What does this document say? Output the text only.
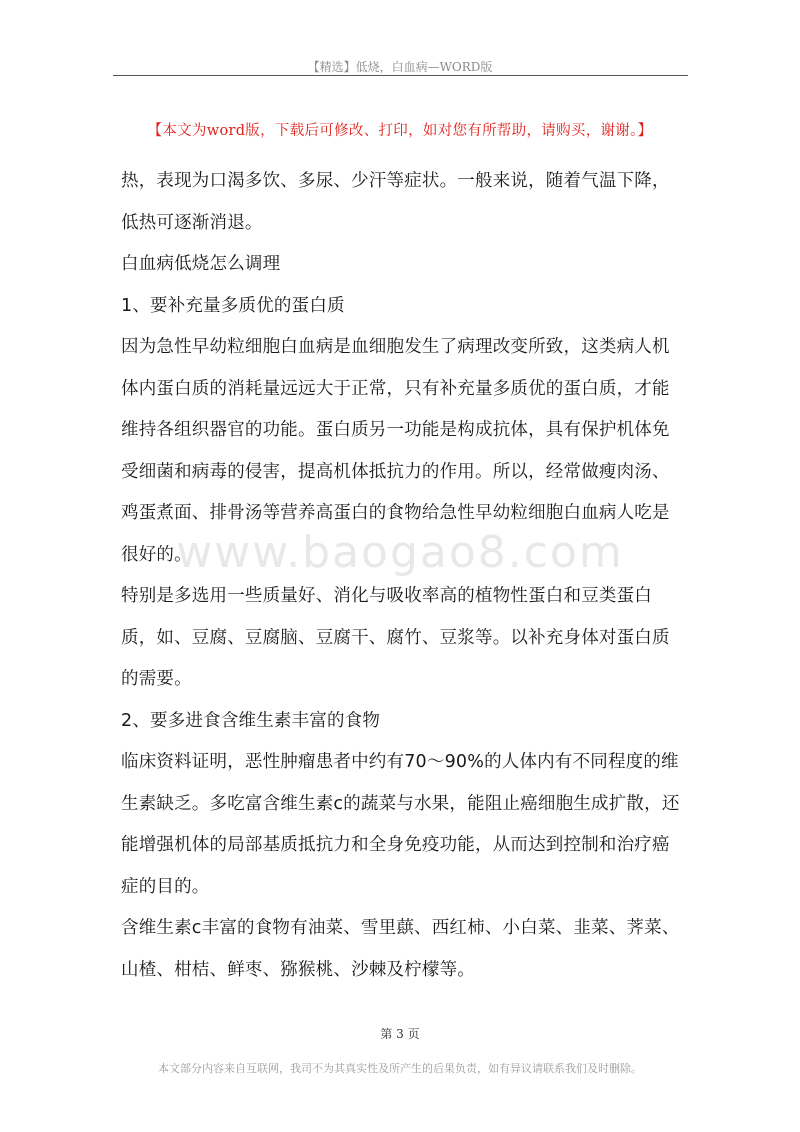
【精选】低烧，白血病—WORD版
【本文为word版，下载后可修改、打印，如对您有所帮助，请购买，谢谢。】
www.baogao8.com

热，表现为口渴多饮、多尿、少汗等症状。一般来说，随着气温下降，低热可逐渐消退。

白血病低烧怎么调理

1、要补充量多质优的蛋白质

因为急性早幼粒细胞白血病是血细胞发生了病理改变所致，这类病人机体内蛋白质的消耗量远远大于正常，只有补充量多质优的蛋白质，才能维持各组织器官的功能。蛋白质另一功能是构成抗体，具有保护机体免受细菌和病毒的侵害，提高机体抵抗力的作用。所以，经常做瘦肉汤、鸡蛋煮面、排骨汤等营养高蛋白的食物给急性早幼粒细胞白血病人吃是很好的。

特别是多选用一些质量好、消化与吸收率高的植物性蛋白和豆类蛋白质，如、豆腐、豆腐脑、豆腐干、腐竹、豆浆等。以补充身体对蛋白质的需要。

2、要多进食含维生素丰富的食物

临床资料证明，恶性肿瘤患者中约有70～90%的人体内有不同程度的维生素缺乏。多吃富含维生素c的蔬菜与水果，能阻止癌细胞生成扩散，还能增强机体的局部基质抵抗力和全身免疫功能，从而达到控制和治疗癌症的目的。

含维生素c丰富的食物有油菜、雪里蕻、西红柿、小白菜、韭菜、荠菜、山楂、柑桔、鲜枣、猕猴桃、沙棘及柠檬等。

第 3 页
本文部分内容来自互联网，我司不为其真实性及所产生的后果负责，如有异议请联系我们及时删除。
